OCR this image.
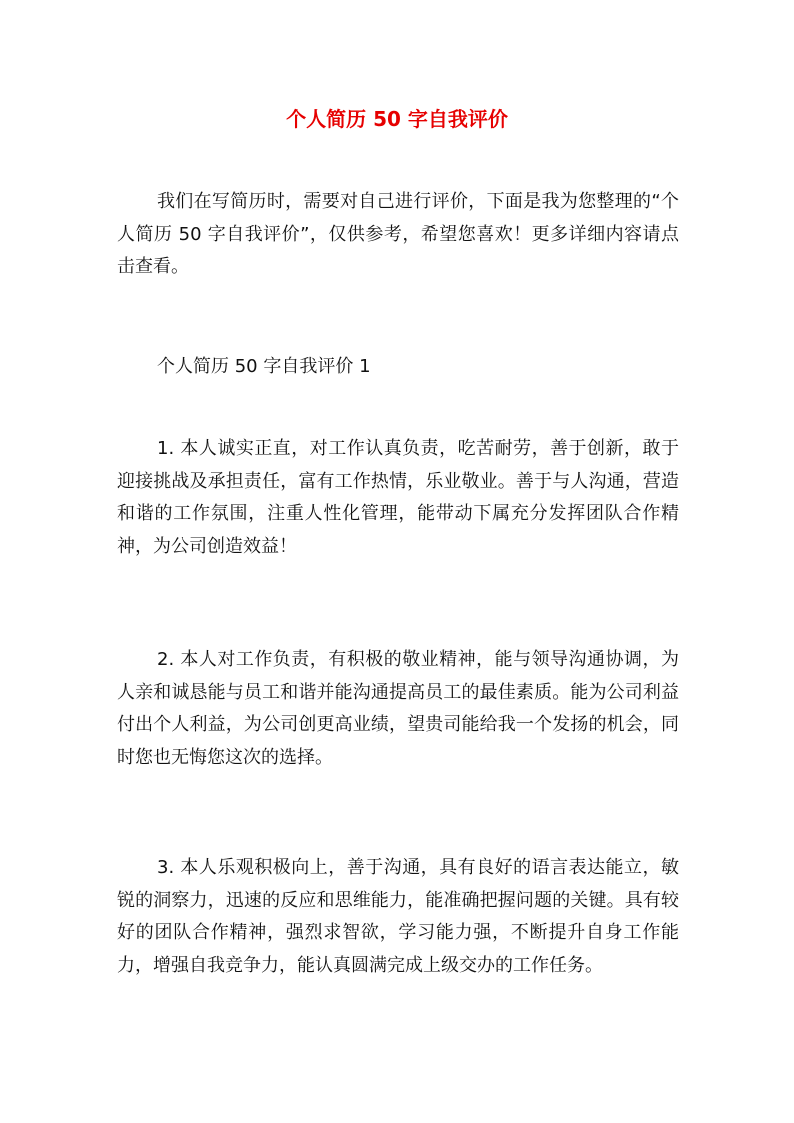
个人简历 50 字自我评价

我们在写简历时，需要对自己进行评价，下面是我为您整理的“个人简历 50 字自我评价”，仅供参考，希望您喜欢！更多详细内容请点击查看。

个人简历 50 字自我评价 1

1. 本人诚实正直，对工作认真负责，吃苦耐劳，善于创新，敢于迎接挑战及承担责任，富有工作热情，乐业敬业。善于与人沟通，营造和谐的工作氛围，注重人性化管理，能带动下属充分发挥团队合作精神，为公司创造效益！

2. 本人对工作负责，有积极的敬业精神，能与领导沟通协调，为人亲和诚恳能与员工和谐并能沟通提高员工的最佳素质。能为公司利益付出个人利益，为公司创更高业绩，望贵司能给我一个发扬的机会，同时您也无悔您这次的选择。

3. 本人乐观积极向上，善于沟通，具有良好的语言表达能立，敏锐的洞察力，迅速的反应和思维能力，能准确把握问题的关键。具有较好的团队合作精神，强烈求智欲，学习能力强，不断提升自身工作能力，增强自我竞争力，能认真圆满完成上级交办的工作任务。
